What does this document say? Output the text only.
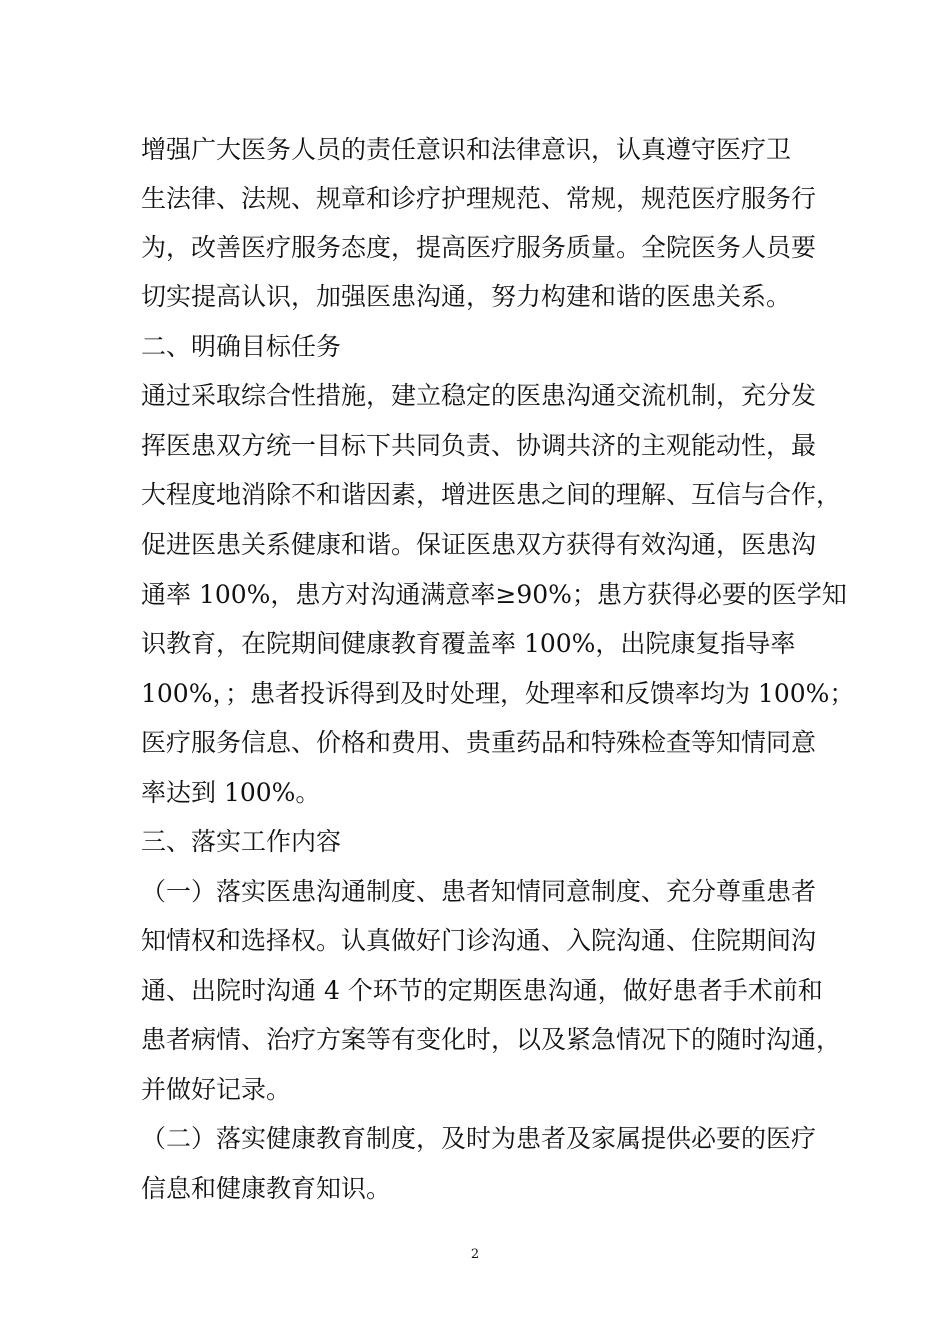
增强广大医务人员的责任意识和法律意识，认真遵守医疗卫
生法律、法规、规章和诊疗护理规范、常规，规范医疗服务行
为，改善医疗服务态度，提高医疗服务质量。全院医务人员要
切实提高认识，加强医患沟通，努力构建和谐的医患关系。
二、明确目标任务
通过采取综合性措施，建立稳定的医患沟通交流机制，充分发
挥医患双方统一目标下共同负责、协调共济的主观能动性，最
大程度地消除不和谐因素，增进医患之间的理解、互信与合作，
促进医患关系健康和谐。保证医患双方获得有效沟通，医患沟
通率 100%，患方对沟通满意率≥90%；患方获得必要的医学知
识教育，在院期间健康教育覆盖率 100%，出院康复指导率
100%，；患者投诉得到及时处理，处理率和反馈率均为 100%；
医疗服务信息、价格和费用、贵重药品和特殊检查等知情同意
率达到 100%。
三、落实工作内容
（一）落实医患沟通制度、患者知情同意制度、充分尊重患者
知情权和选择权。认真做好门诊沟通、入院沟通、住院期间沟
通、出院时沟通 4 个环节的定期医患沟通，做好患者手术前和
患者病情、治疗方案等有变化时，以及紧急情况下的随时沟通，
并做好记录。
（二）落实健康教育制度，及时为患者及家属提供必要的医疗
信息和健康教育知识。
2
